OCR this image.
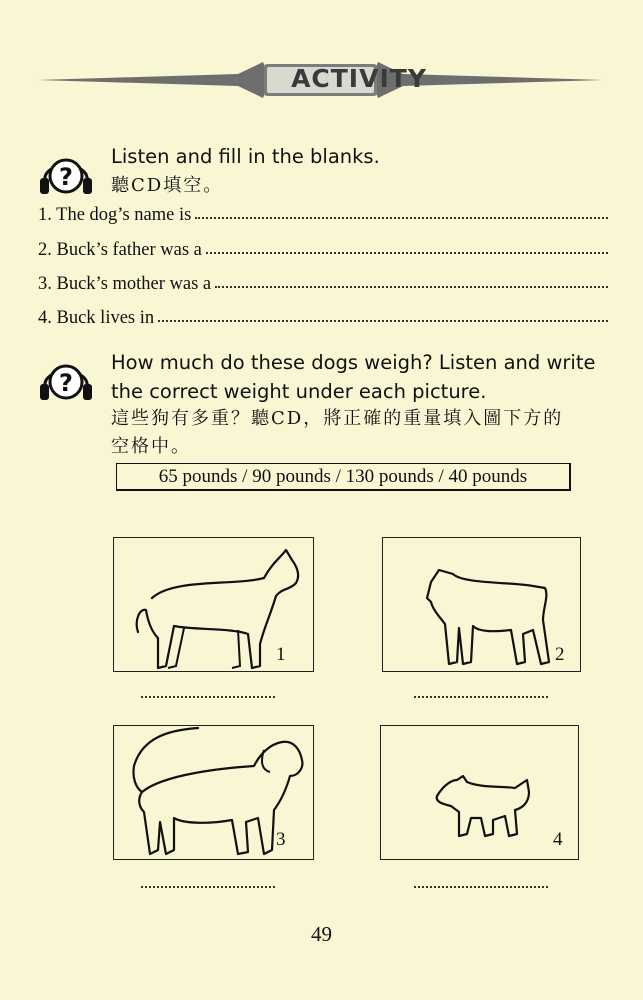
ACTIVITY
?
Listen and fill in the blanks.
聽CD填空。
1. The dog’s name is
2. Buck’s father was a
3. Buck’s mother was a
4. Buck lives in
?
How much do these dogs weigh? Listen and write
the correct weight under each picture.
這些狗有多重？聽CD，將正確的重量填入圖下方的
空格中。
65 pounds / 90 pounds / 130 pounds / 40 pounds
1	2
3	4
49
